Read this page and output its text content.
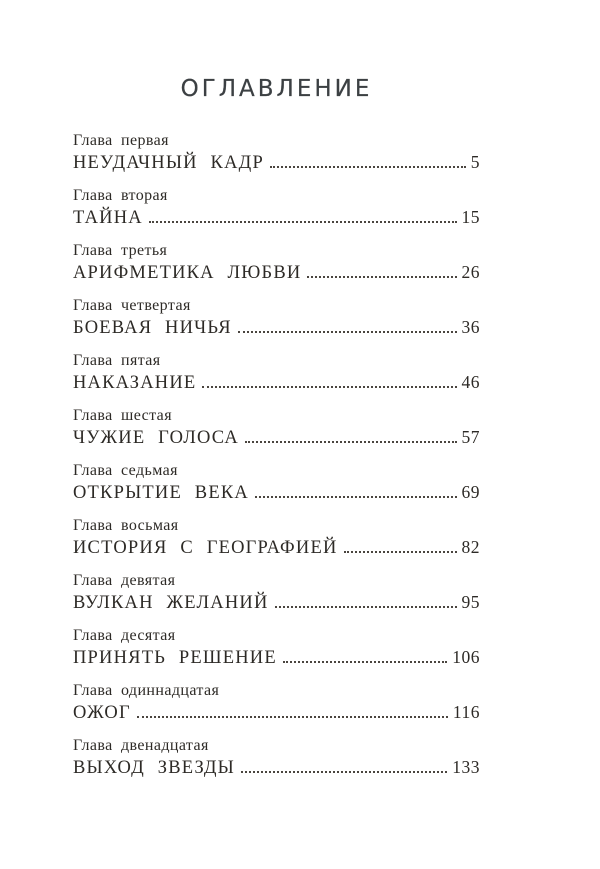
ОГЛАВЛЕНИЕ
Глава первая
НЕУДАЧНЫЙ КАДР	5
Глава вторая
ТАЙНА	15
Глава третья
АРИФМЕТИКА ЛЮБВИ	26
Глава четвертая
БОЕВАЯ НИЧЬЯ	36
Глава пятая
НАКАЗАНИЕ	46
Глава шестая
ЧУЖИЕ ГОЛОСА	57
Глава седьмая
ОТКРЫТИЕ ВЕКА	69
Глава восьмая
ИСТОРИЯ С ГЕОГРАФИЕЙ	82
Глава девятая
ВУЛКАН ЖЕЛАНИЙ	95
Глава десятая
ПРИНЯТЬ РЕШЕНИЕ	106
Глава одиннадцатая
ОЖОГ	116
Глава двенадцатая
ВЫХОД ЗВЕЗДЫ	133
